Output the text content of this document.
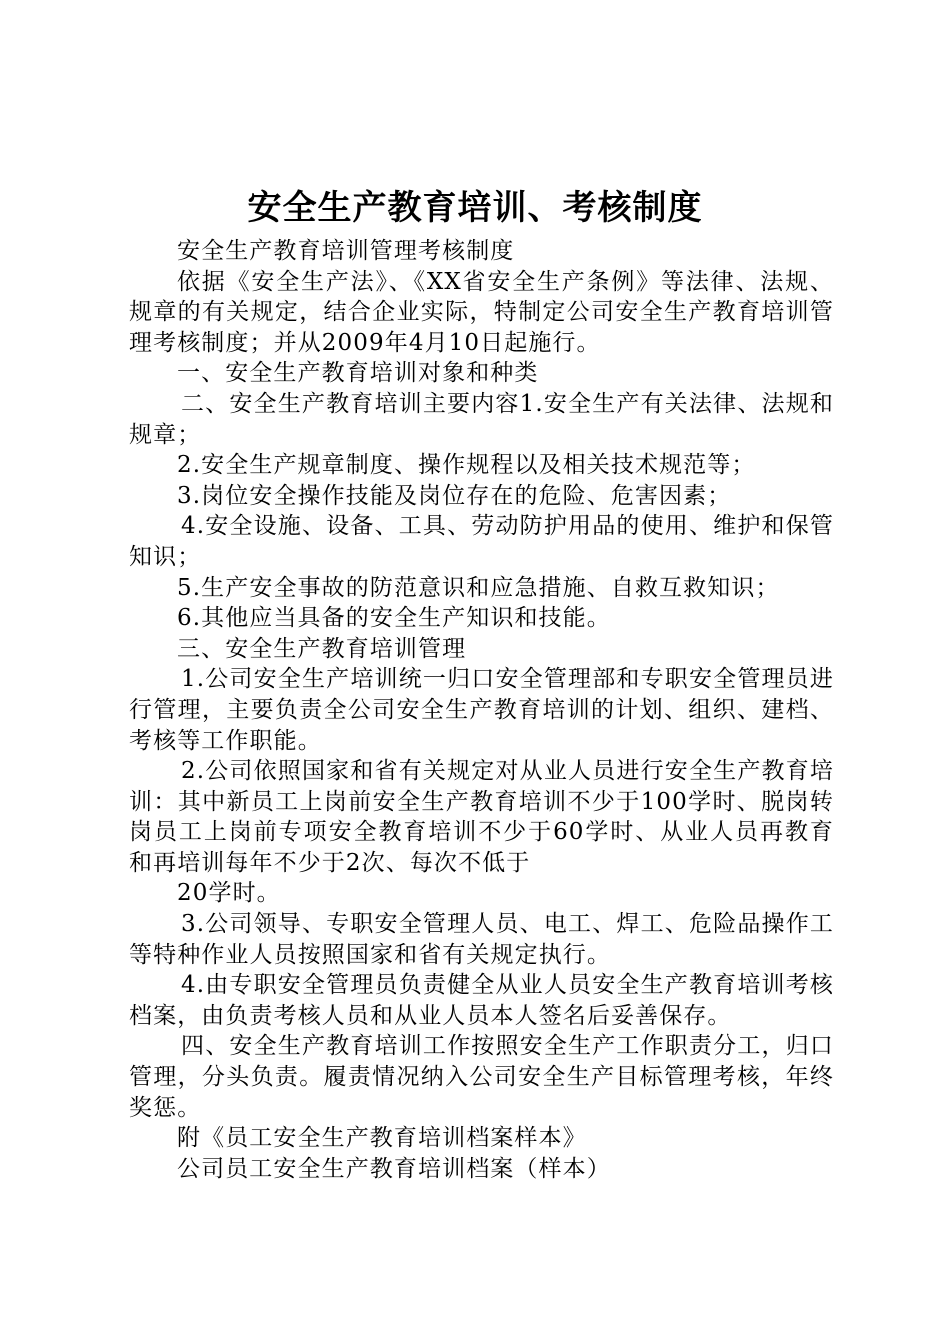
安全生产教育培训、考核制度

安全生产教育培训管理考核制度

依据《安全生产法》、《XX省安全生产条例》等法律、法规、规章的有关规定，结合企业实际，特制定公司安全生产教育培训管理考核制度；并从2009年4月10日起施行。

一、安全生产教育培训对象和种类

二、安全生产教育培训主要内容1.安全生产有关法律、法规和规章；

2.安全生产规章制度、操作规程以及相关技术规范等；

3.岗位安全操作技能及岗位存在的危险、危害因素；

4.安全设施、设备、工具、劳动防护用品的使用、维护和保管知识；

5.生产安全事故的防范意识和应急措施、自救互救知识；

6.其他应当具备的安全生产知识和技能。

三、安全生产教育培训管理

1.公司安全生产培训统一归口安全管理部和专职安全管理员进行管理，主要负责全公司安全生产教育培训的计划、组织、建档、考核等工作职能。

2.公司依照国家和省有关规定对从业人员进行安全生产教育培训：其中新员工上岗前安全生产教育培训不少于100学时、脱岗转岗员工上岗前专项安全教育培训不少于60学时、从业人员再教育和再培训每年不少于2次、每次不低于

20学时。

3.公司领导、专职安全管理人员、电工、焊工、危险品操作工等特种作业人员按照国家和省有关规定执行。

4.由专职安全管理员负责健全从业人员安全生产教育培训考核档案，由负责考核人员和从业人员本人签名后妥善保存。

四、安全生产教育培训工作按照安全生产工作职责分工，归口管理，分头负责。履责情况纳入公司安全生产目标管理考核，年终奖惩。

附《员工安全生产教育培训档案样本》

公司员工安全生产教育培训档案（样本）
